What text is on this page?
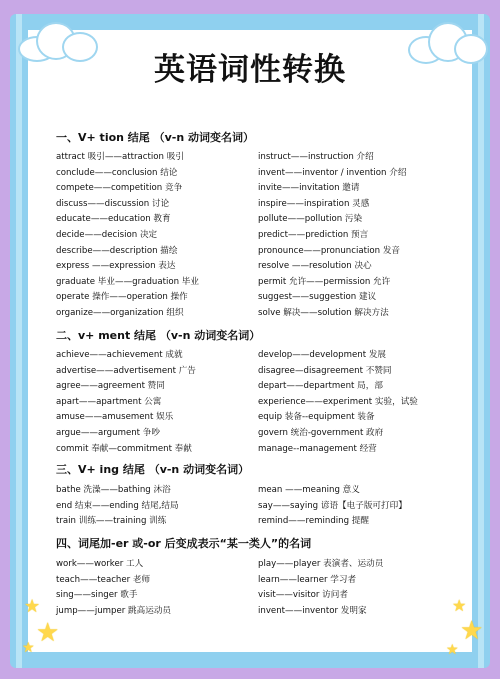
英语词性转换
一、V+ tion 结尾 （v-n 动词变名词）
attract 吸引——attraction 吸引
conclude——conclusion 结论
compete——competition 竞争
discuss——discussion 讨论
educate——education 教育
decide——decision 决定
describe——description 描绘
express ——expression 表达
graduate 毕业——graduation 毕业
operate 操作——operation 操作
organize——organization 组织
instruct——instruction 介绍
invent——inventor / invention 介绍
invite——invitation 邀请
inspire——inspiration 灵感
pollute——pollution 污染
predict——prediction 预言
pronounce——pronunciation 发音
resolve ——resolution 决心
permit 允许——permission 允许
suggest——suggestion 建议
solve 解决——solution 解决方法
二、v+ ment 结尾 （v-n 动词变名词）
achieve——achievement 成就
advertise——advertisement 广告
agree——agreement 赞同
apart——apartment 公寓
amuse——amusement 娱乐
argue——argument 争吵
commit 奉献—commitment 奉献
develop——development 发展
disagree—disagreement 不赞同
depart——department 局，部
experience——experiment 实验，试验
equip 装备--equipment 装备
govern 统治-government 政府
manage--management 经营
三、V+ ing 结尾 （v-n 动词变名词）
bathe 洗澡——bathing 沐浴
end 结束——ending 结尾,结局
train 训练——training 训练
mean ——meaning 意义
say——saying 谚语【电子版可打印】
remind——reminding 提醒
四、词尾加-er 或-or 后变成表示“某一类人”的名词
work——worker 工人
teach——teacher 老师
sing——singer 歌手
jump——jumper 跳高运动员
play——player 表演者、运动员
learn——learner 学习者
visit——visitor 访问者
invent——inventor 发明家
★
★
★
★
★
★
